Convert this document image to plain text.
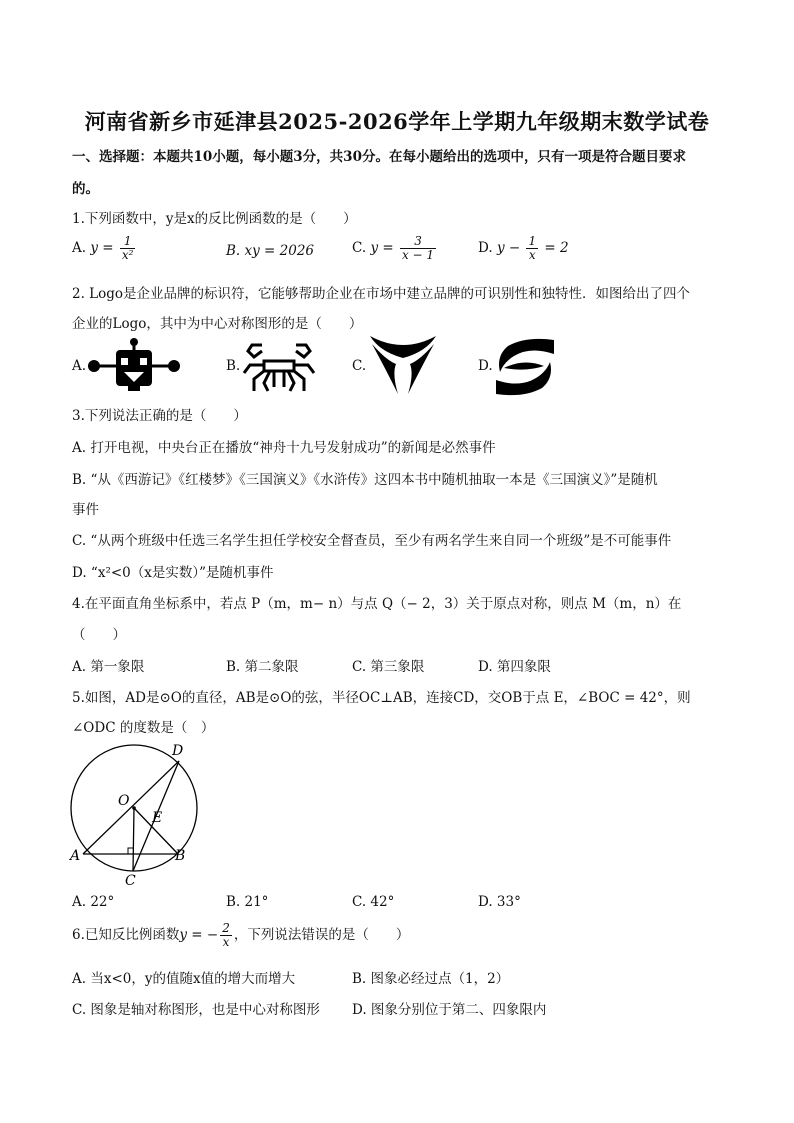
河南省新乡市延津县2025-2026学年上学期九年级期末数学试卷
一、选择题：本题共10小题，每小题3分，共30分。在每小题给出的选项中，只有一项是符合题目要求
的。
1.下列函数中，y是x的反比例函数的是（　　）
A. $y = \frac{1}{\text{x²}}$	B. xy = 2026	C. $y = \frac{3}{x - 1}$	D. $y - \frac{1}{x} = 2$
2. Logo是企业品牌的标识符，它能够帮助企业在市场中建立品牌的可识别性和独特性．如图给出了四个
企业的Logo，其中为中心对称图形的是（　　）
A.	B.	C.	D.
3.下列说法正确的是（　　）
A. 打开电视，中央台正在播放“神舟十九号发射成功”的新闻是必然事件
B. “从《西游记》《红楼梦》《三国演义》《水浒传》这四本书中随机抽取一本是《三国演义》”是随机
事件
C. “从两个班级中任选三名学生担任学校安全督查员，至少有两名学生来自同一个班级”是不可能事件
D. “x²<0（x是实数）”是随机事件
4.在平面直角坐标系中，若点 P（m，m− n）与点 Q（− 2，3）关于原点对称，则点 M（m，n）在
（　　）
A. 第一象限	B. 第二象限	C. 第三象限	D. 第四象限
5.如图，AD是⊙O的直径，AB是⊙O的弦，半径OC⊥AB，连接CD，交OB于点 E，∠BOC = 42°，则
∠ODC 的度数是（　）
O
D
E
A	B
C
A. 22°	B. 21°	C. 42°	D. 33°
6.已知反比例函数y = − $\frac{2}{x}$ ，下列说法错误的是（　　）
A. 当x<0，y的值随x值的增大而增大	B. 图象必经过点（1，2）
C. 图象是轴对称图形，也是中心对称图形 D. 图象分别位于第二、四象限内
